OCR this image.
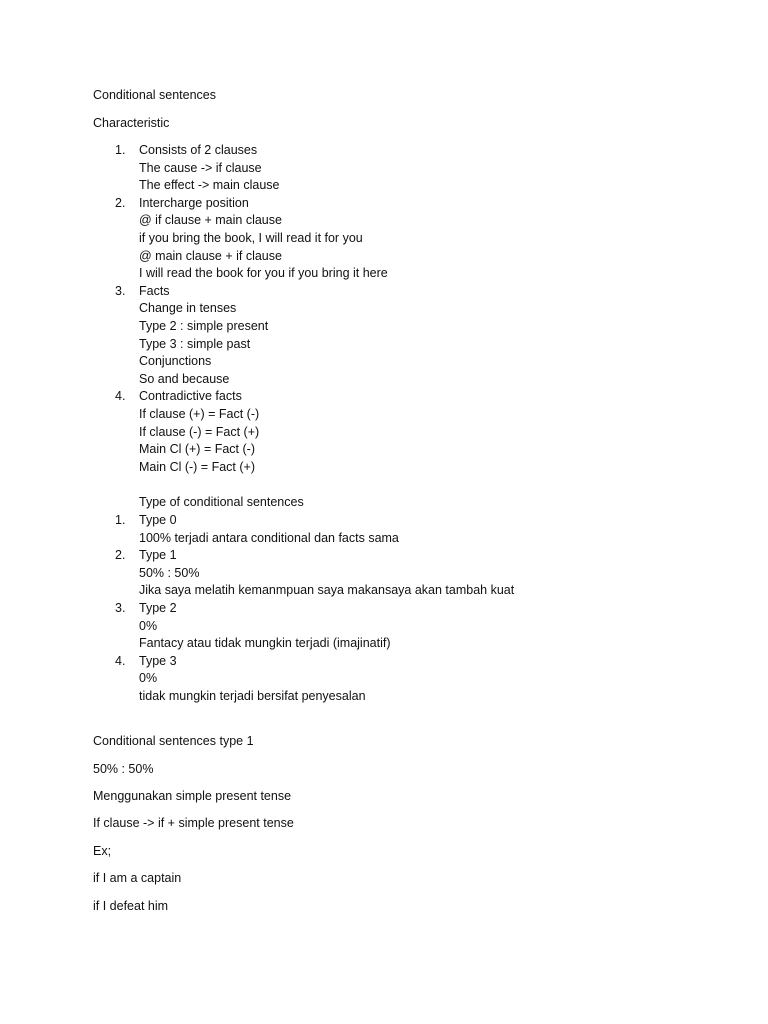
Conditional sentences

Characteristic

1.	Consists of 2 clauses
The cause -> if clause
The effect -> main clause
2.	Intercharge position
@ if clause + main clause
if you bring the book, I will read it for you
@ main clause + if clause
I will read the book for you if you bring it here
3.	Facts
Change in tenses
Type 2 : simple present
Type 3 : simple past
Conjunctions
So and because
4.	Contradictive facts
If clause (+) = Fact (-)
If clause (-) = Fact (+)
Main Cl (+) = Fact (-)
Main Cl (-) = Fact (+)
Type of conditional sentences
1.	Type 0
100% terjadi antara conditional dan facts sama
2.	Type 1
50% : 50%
Jika saya melatih kemanmpuan saya makansaya akan tambah kuat
3.	Type 2
0%
Fantacy atau tidak mungkin terjadi (imajinatif)
4.	Type 3
0%
tidak mungkin terjadi bersifat penyesalan

Conditional sentences type 1

50% : 50%

Menggunakan simple present tense

If clause -> if + simple present tense

Ex;

if I am a captain

if I defeat him
